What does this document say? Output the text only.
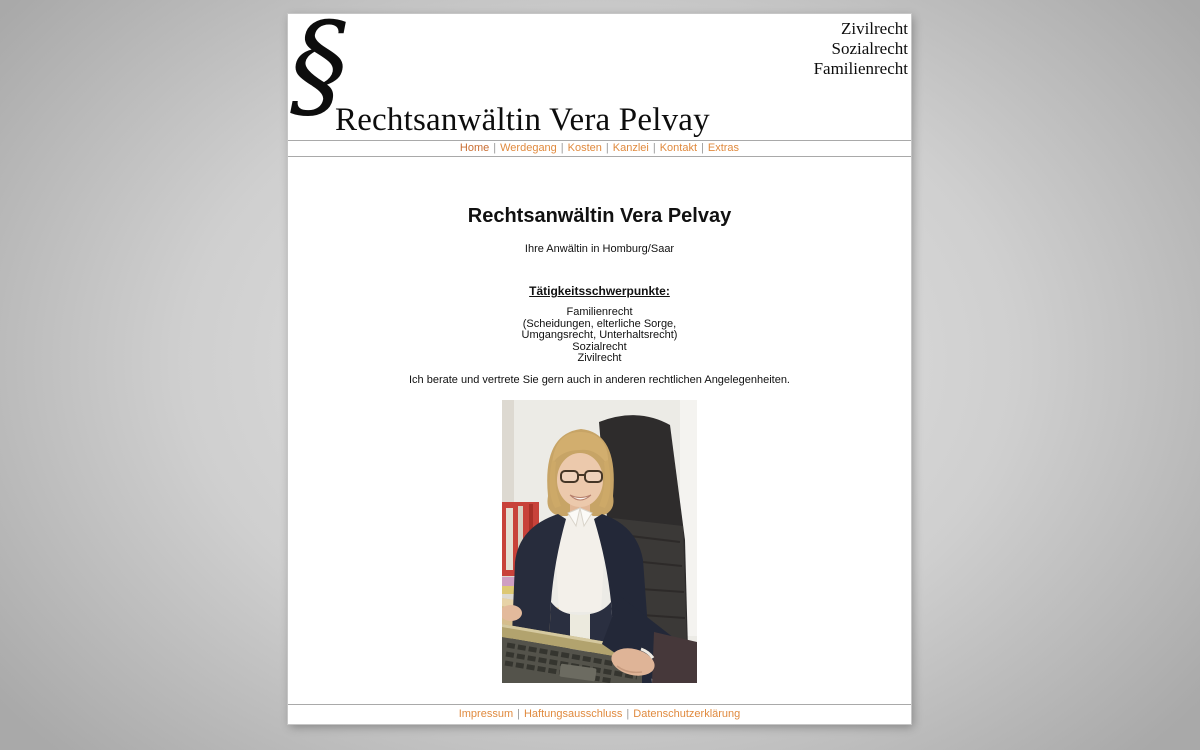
§
Rechtsanwältin Vera Pelvay
Zivilrecht
Sozialrecht
Familienrecht
Home | Werdegang | Kosten | Kanzlei | Kontakt | Extras
Rechtsanwältin Vera Pelvay
Ihre Anwältin in Homburg/Saar
Tätigkeitsschwerpunkte:
Familienrecht
(Scheidungen, elterliche Sorge,
Umgangsrecht, Unterhaltsrecht)
Sozialrecht
Zivilrecht
Ich berate und vertrete Sie gern auch in anderen rechtlichen Angelegenheiten.
Impressum | Haftungsausschluss | Datenschutzerklärung
